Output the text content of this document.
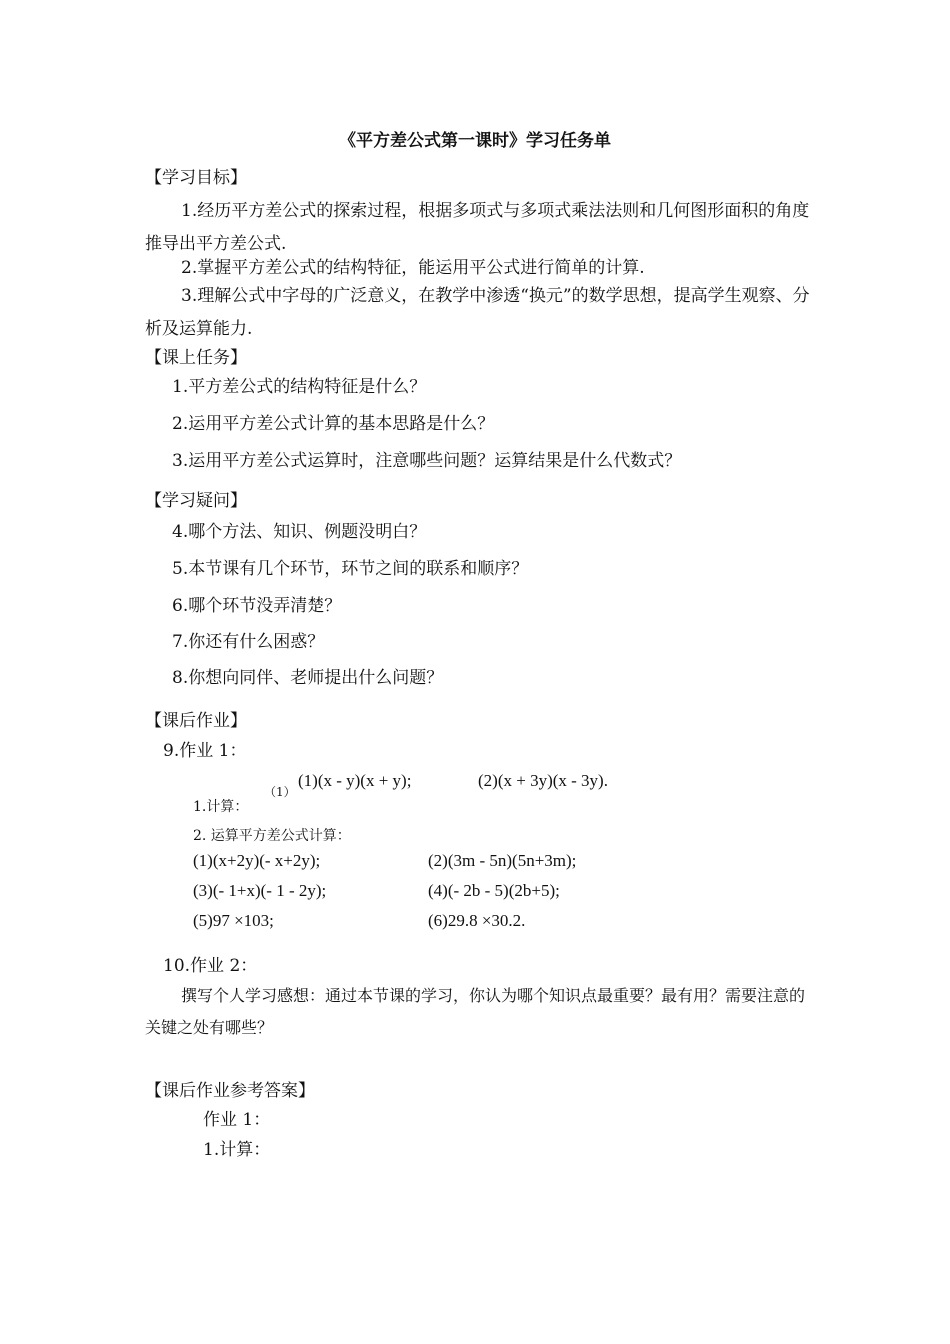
《平方差公式第一课时》学习任务单
【学习目标】
1.经历平方差公式的探索过程，根据多项式与多项式乘法法则和几何图形面积的角度推导出平方差公式.
2.掌握平方差公式的结构特征，能运用平公式进行简单的计算.
3.理解公式中字母的广泛意义，在教学中渗透“换元”的数学思想，提高学生观察、分析及运算能力.
【课上任务】
1.平方差公式的结构特征是什么？
2.运用平方差公式计算的基本思路是什么？
3.运用平方差公式运算时，注意哪些问题？运算结果是什么代数式？
【学习疑问】
4.哪个方法、知识、例题没明白？
5.本节课有几个环节，环节之间的联系和顺序？
6.哪个环节没弄清楚？
7.你还有什么困惑？
8.你想向同伴、老师提出什么问题？
【课后作业】
9.作业 1：
（1）
(1)(x - y)(x + y);	(2)(x + 3y)(x - 3y).
1.计算：
2. 运算平方差公式计算：
(1)(x+2y)(- x+2y);	(2)(3m - 5n)(5n+3m);
(3)(- 1+x)(- 1 - 2y);	(4)(- 2b - 5)(2b+5);
(5)97 ×103;	(6)29.8 ×30.2.
10.作业 2：
撰写个人学习感想：通过本节课的学习，你认为哪个知识点最重要？最有用？需要注意的关键之处有哪些？
【课后作业参考答案】
作业 1：
1.计算：
